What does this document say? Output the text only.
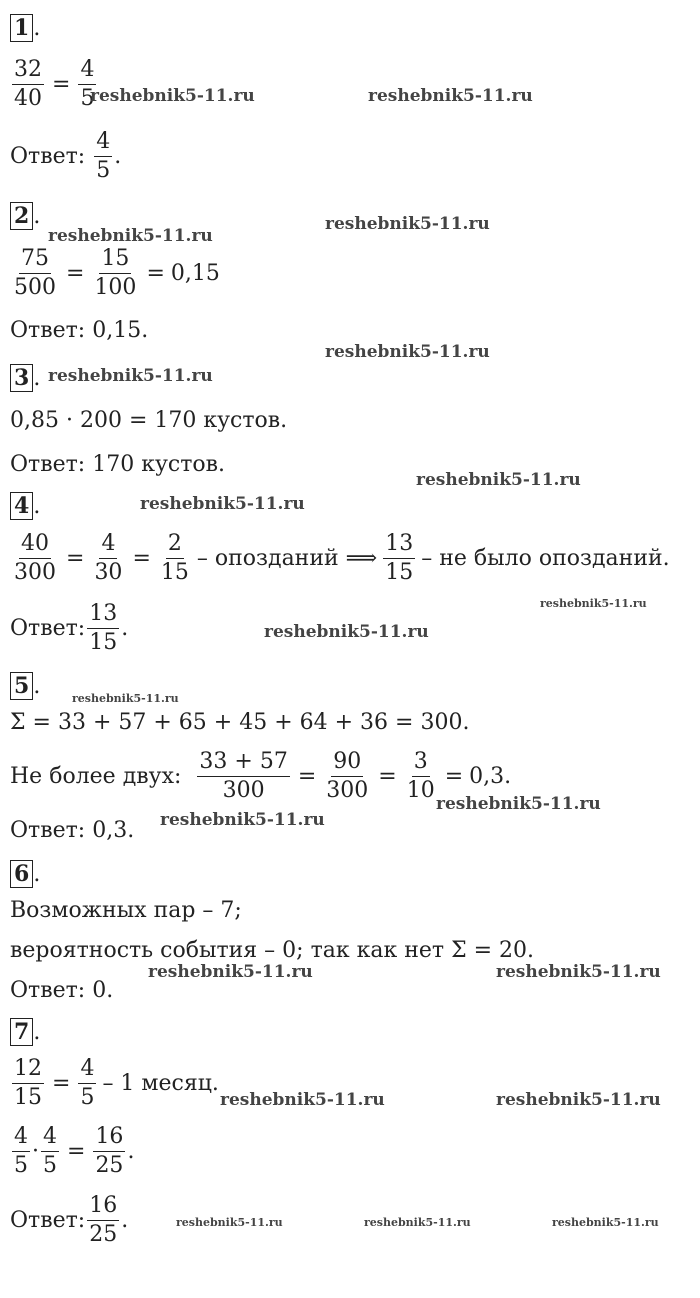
1 .
$\frac{32}{40} = \frac{4}{5}$
Ответ:
$\frac{4}{5}$ .
2 .
$\frac{75}{500} = \frac{15}{100} = 0,15$
Ответ:
0,15.
3 .
0,85 · 200 = 170 кустов.
Ответ:
170 кустов.
4 .
$\frac{40}{300} = \frac{4}{30} = \frac{2}{15}$ – опозданий ⟹ $\frac{13}{15}$ – не было опозданий.
Ответ: $\frac{13}{15}$ .
5 .
Σ = 33 + 57 + 65 + 45 + 64 + 36 = 300.
Не более двух:
$\frac{33 + 57}{300} = \frac{90}{300} = \frac{3}{10} = 0,3$.
Ответ:
0,3.
6 .
Возможных пар – 7;
вероятность события – 0; так как нет Σ = 20.
Ответ:
0.
7 .
$\frac{12}{15} = \frac{4}{5} - 1$ месяц.
$\frac{4}{5} \cdot \frac{4}{5} = \frac{16}{25}$ .
Ответ: $\frac{16}{25}$ .
reshebnik5-11.ru	reshebnik5-11.ru
reshebnik5-11.ru
reshebnik5-11.ru
reshebnik5-11.ru
reshebnik5-11.ru
reshebnik5-11.ru
reshebnik5-11.ru
reshebnik5-11.ru
reshebnik5-11.ru
reshebnik5-11.ru
reshebnik5-11.ru
reshebnik5-11.ru
reshebnik5-11.ru	reshebnik5-11.ru
reshebnik5-11.ru	reshebnik5-11.ru
reshebnik5-11.ru	reshebnik5-11.ru	reshebnik5-11.ru
